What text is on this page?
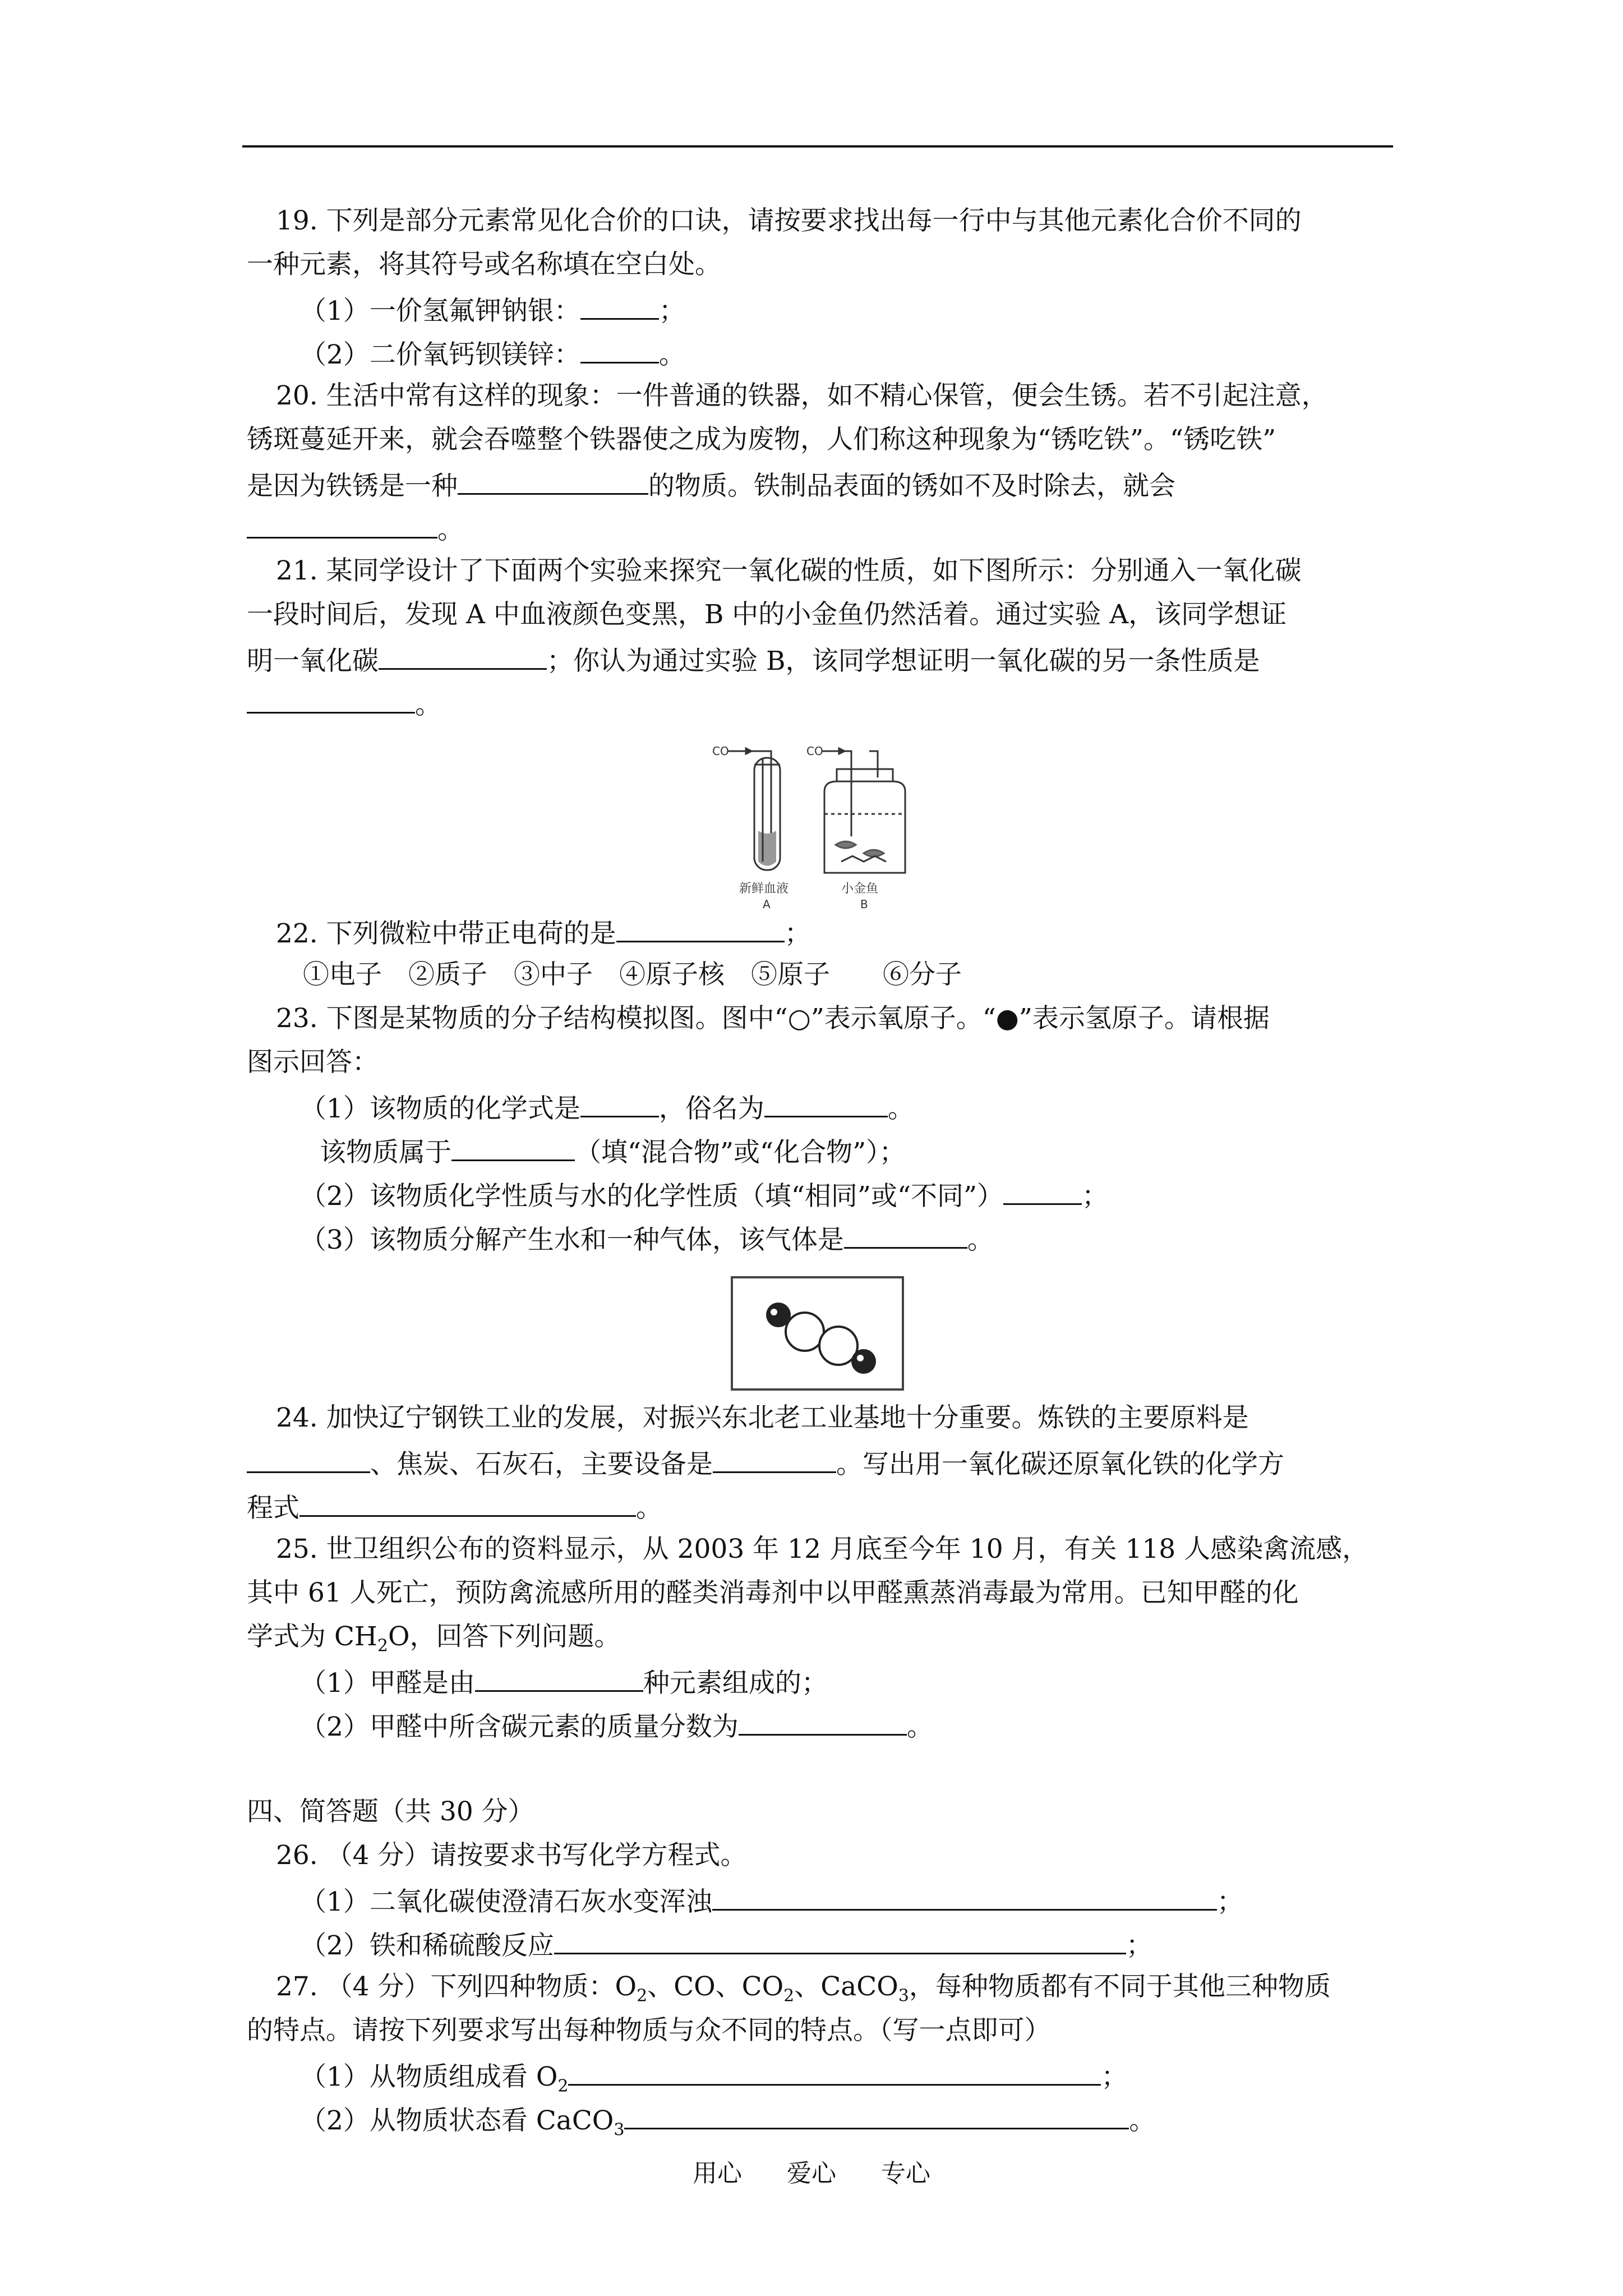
19. 下列是部分元素常见化合价的口诀，请按要求找出每一行中与其他元素化合价不同的
一种元素，将其符号或名称填在空白处。
（1）一价氢氟钾钠银：	；
（2）二价氧钙钡镁锌：	。
20. 生活中常有这样的现象：一件普通的铁器，如不精心保管，便会生锈。若不引起注意，
锈斑蔓延开来，就会吞噬整个铁器使之成为废物，人们称这种现象为“锈吃铁”。“锈吃铁”
是因为铁锈是一种	的物质。铁制品表面的锈如不及时除去，就会
。
21. 某同学设计了下面两个实验来探究一氧化碳的性质，如下图所示：分别通入一氧化碳
一段时间后，发现 A 中血液颜色变黑，B 中的小金鱼仍然活着。通过实验 A，该同学想证
明一氧化碳	；你认为通过实验 B，该同学想证明一氧化碳的另一条性质是
。
CO
新鲜血液
A
CO
小金鱼
B
22. 下列微粒中带正电荷的是	；
①电子  ②质子  ③中子  ④原子核  ⑤原子   ⑥分子
23. 下图是某物质的分子结构模拟图。图中“○”表示氧原子。“●”表示氢原子。请根据
图示回答：
（1）该物质的化学式是	，俗名为	。
该物质属于	（填“混合物”或“化合物”）；
（2）该物质化学性质与水的化学性质（填“相同”或“不同”）	；
（3）该物质分解产生水和一种气体，该气体是	。
24. 加快辽宁钢铁工业的发展，对振兴东北老工业基地十分重要。炼铁的主要原料是
、焦炭、石灰石，主要设备是	。写出用一氧化碳还原氧化铁的化学方
程式	。
25. 世卫组织公布的资料显示，从 2003 年 12 月底至今年 10 月，有关 118 人感染禽流感，
其中 61 人死亡，预防禽流感所用的醛类消毒剂中以甲醛熏蒸消毒最为常用。已知甲醛的化
学式为 $CH_2O$，回答下列问题。
（1）甲醛是由	种元素组成的；
（2）甲醛中所含碳元素的质量分数为	。
四、简答题（共 30 分）
26. （4 分）请按要求书写化学方程式。
（1）二氧化碳使澄清石灰水变浑浊	；
（2）铁和稀硫酸反应	；
27. （4 分）下列四种物质：$O_2$、CO、$CO_2$、CaCO$_3$，每种物质都有不同于其他三种物质
的特点。请按下列要求写出每种物质与众不同的特点。（写一点即可）
（1）从物质组成看 $O_2$	；
（2）从物质状态看 CaCO$_3$	。
用心 爱心 专心
